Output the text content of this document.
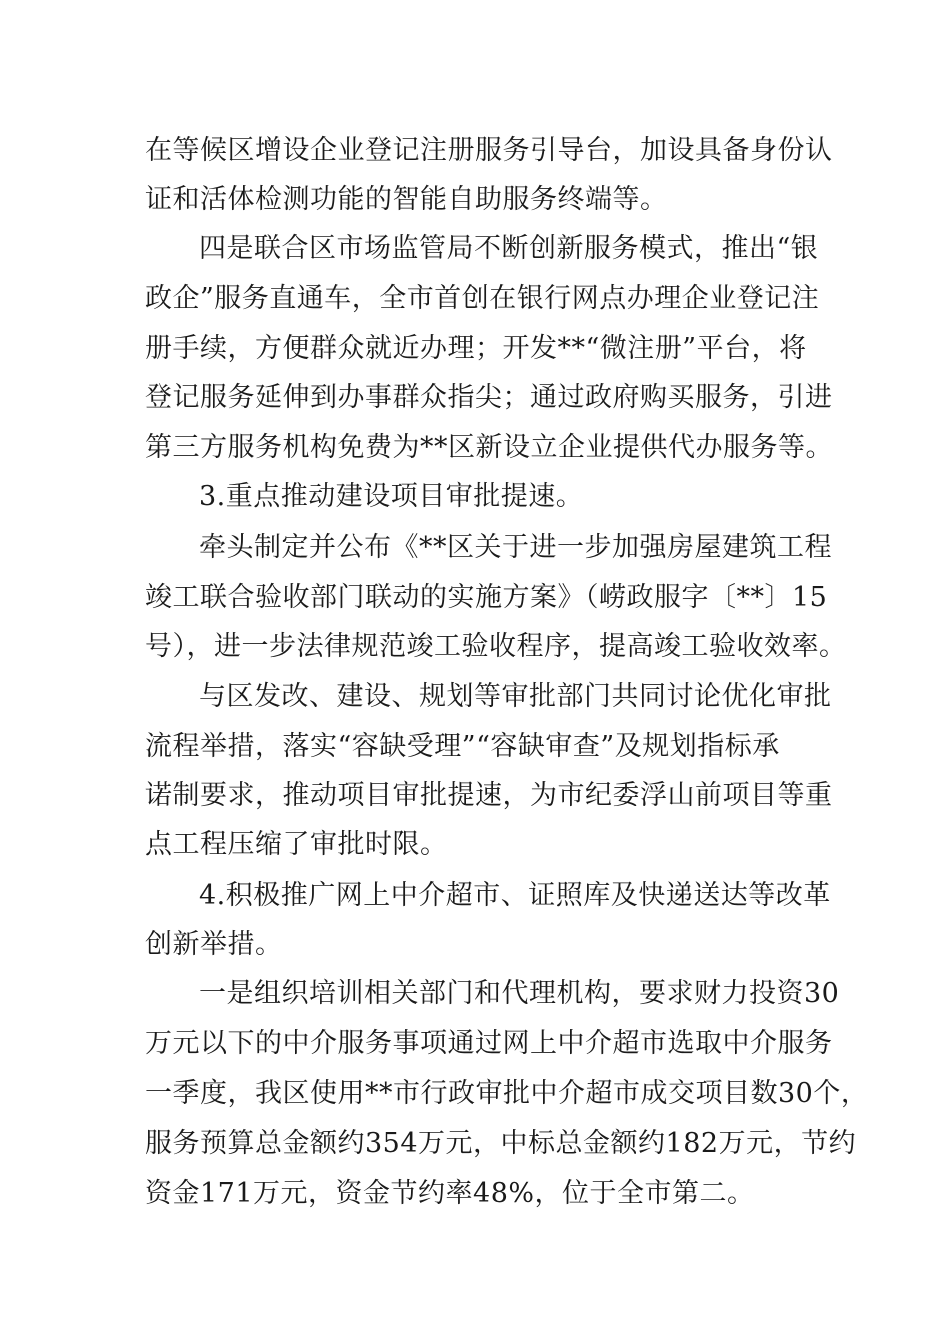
在等候区增设企业登记注册服务引导台，加设具备身份认
证和活体检测功能的智能自助服务终端等。
四是联合区市场监管局不断创新服务模式，推出“银
政企”服务直通车，全市首创在银行网点办理企业登记注
册手续，方便群众就近办理；开发**“微注册”平台，将
登记服务延伸到办事群众指尖；通过政府购买服务，引进
第三方服务机构免费为**区新设立企业提供代办服务等。
3.重点推动建设项目审批提速。
牵头制定并公布《**区关于进一步加强房屋建筑工程
竣工联合验收部门联动的实施方案》（崂政服字〔**〕15
号），进一步法律规范竣工验收程序，提高竣工验收效率。
与区发改、建设、规划等审批部门共同讨论优化审批
流程举措，落实“容缺受理”“容缺审查”及规划指标承
诺制要求，推动项目审批提速，为市纪委浮山前项目等重
点工程压缩了审批时限。
4.积极推广网上中介超市、证照库及快递送达等改革
创新举措。
一是组织培训相关部门和代理机构，要求财力投资30
万元以下的中介服务事项通过网上中介超市选取中介服务
一季度，我区使用**市行政审批中介超市成交项目数30个，
服务预算总金额约354万元，中标总金额约182万元，节约
资金171万元，资金节约率48%，位于全市第二。
